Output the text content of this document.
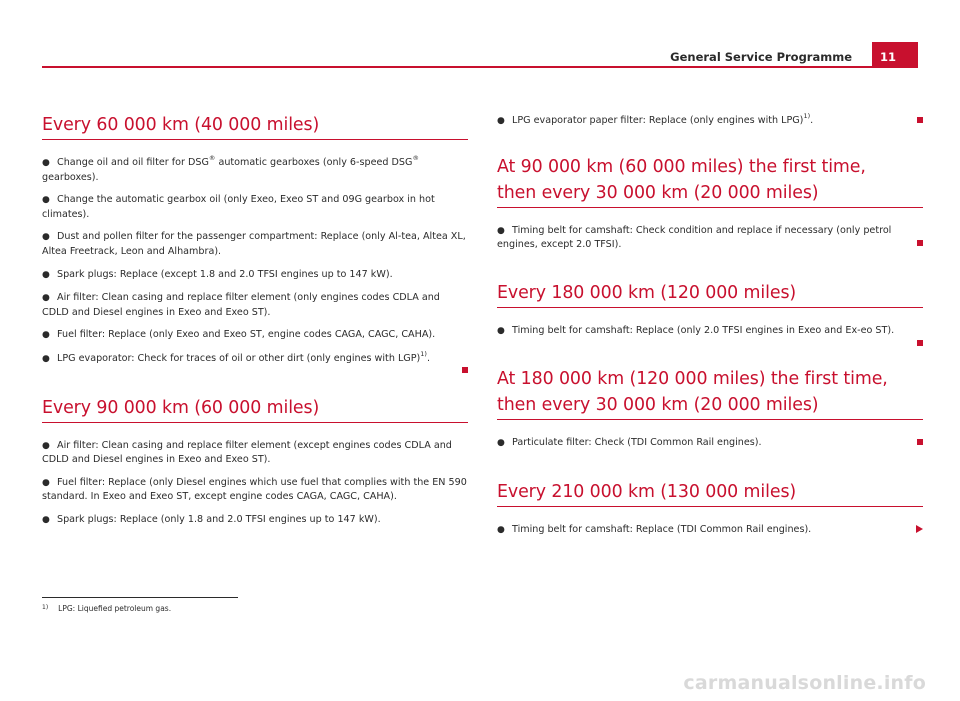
General Service Programme 11
Every 60 000 km (40 000 miles)
● Change oil and oil filter for DSG® automatic gearboxes (only 6-speed DSG® gearboxes).
● Change the automatic gearbox oil (only Exeo, Exeo ST and 09G gearbox in hot climates).
● Dust and pollen filter for the passenger compartment: Replace (only Al-tea, Altea XL, Altea Freetrack, Leon and Alhambra).
● Spark plugs: Replace (except 1.8 and 2.0 TFSI engines up to 147 kW).
● Air filter: Clean casing and replace filter element (only engines codes CDLA and CDLD and Diesel engines in Exeo and Exeo ST).
● Fuel filter: Replace (only Exeo and Exeo ST, engine codes CAGA, CAGC, CAHA).
● LPG evaporator: Check for traces of oil or other dirt (only engines with LGP)$^{1)}$.
Every 90 000 km (60 000 miles)
● Air filter: Clean casing and replace filter element (except engines codes CDLA and CDLD and Diesel engines in Exeo and Exeo ST).
● Fuel filter: Replace (only Diesel engines which use fuel that complies with the EN 590 standard. In Exeo and Exeo ST, except engine codes CAGA, CAGC, CAHA).
● Spark plugs: Replace (only 1.8 and 2.0 TFSI engines up to 147 kW).
● LPG evaporator paper filter: Replace (only engines with LPG)$^{1)}$.
At 90 000 km (60 000 miles) the first time,
then every 30 000 km (20 000 miles)
● Timing belt for camshaft: Check condition and replace if necessary (only petrol engines, except 2.0 TFSI).
Every 180 000 km (120 000 miles)
● Timing belt for camshaft: Replace (only 2.0 TFSI engines in Exeo and Ex-eo ST).
At 180 000 km (120 000 miles) the first time,
then every 30 000 km (20 000 miles)
● Particulate filter: Check (TDI Common Rail engines).
Every 210 000 km (130 000 miles)
● Timing belt for camshaft: Replace (TDI Common Rail engines).
$^{1)}$ LPG: Liquefied petroleum gas.
carmanualsonline.info
